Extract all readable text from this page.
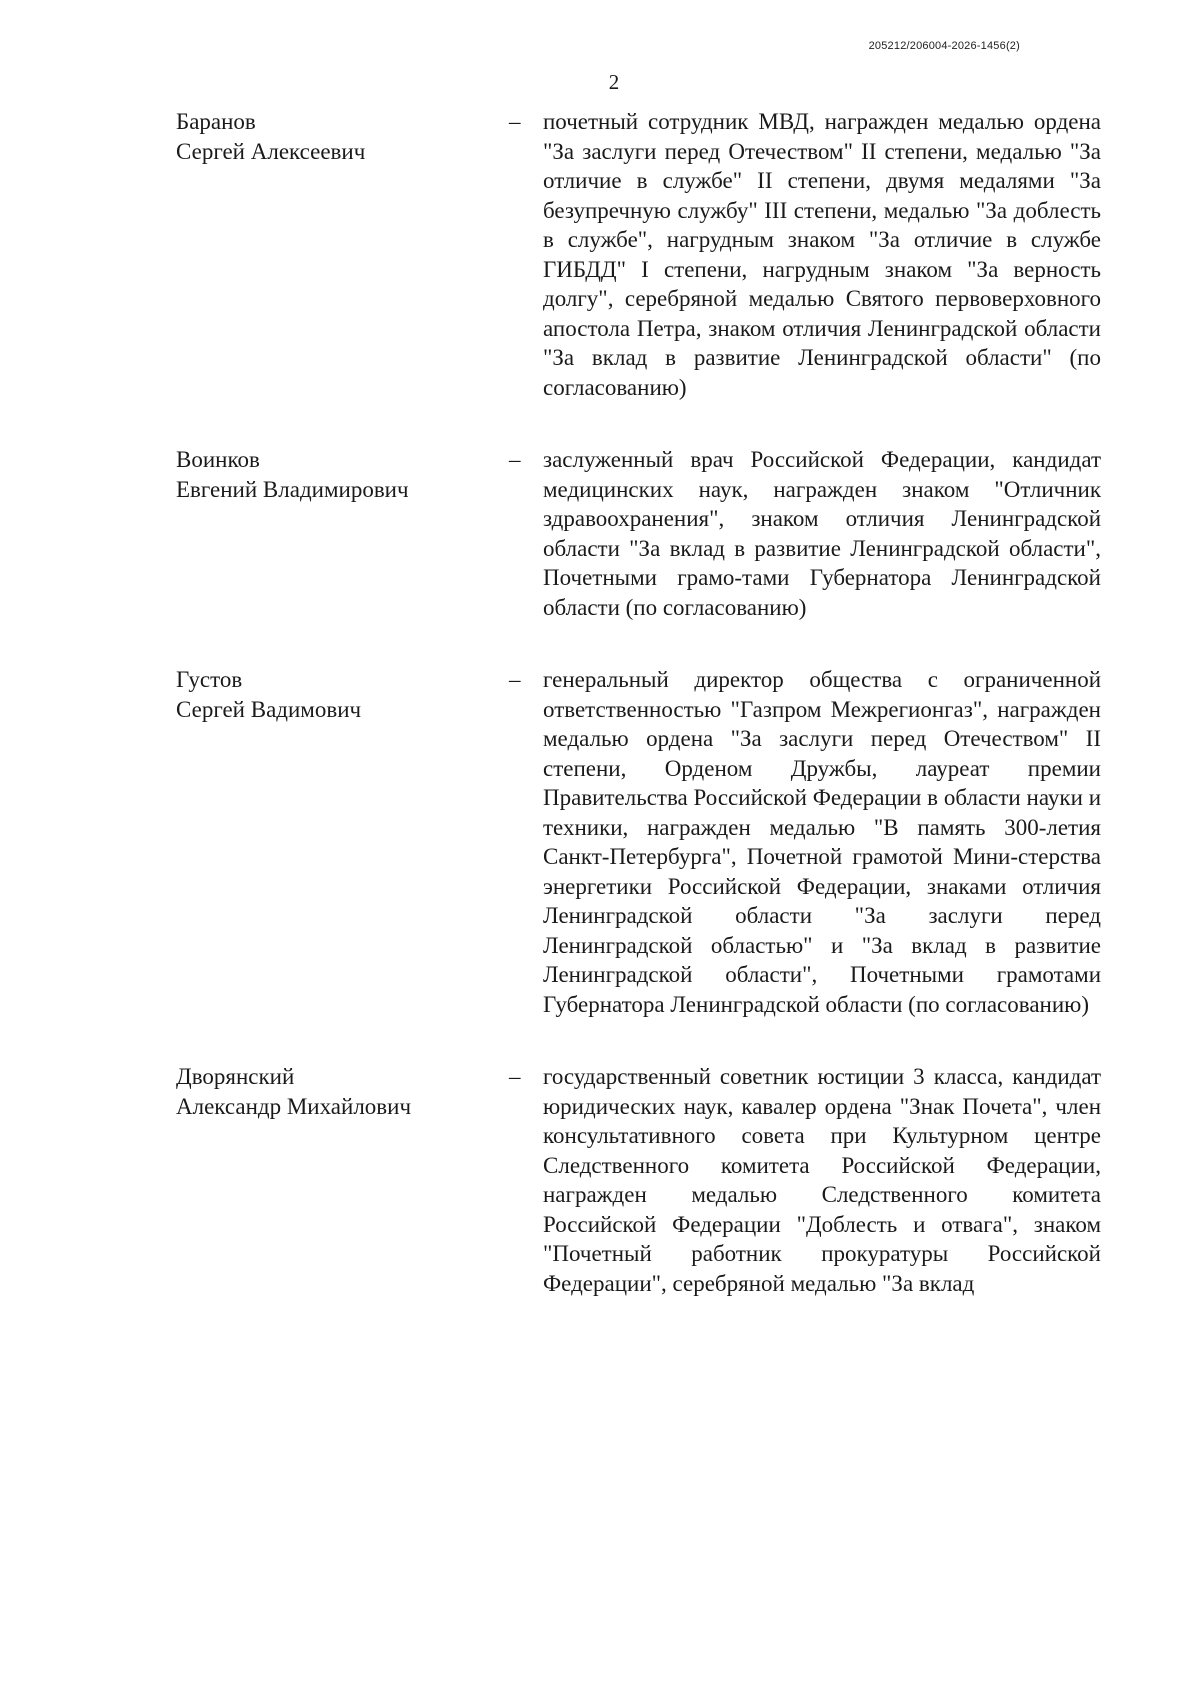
205212/206004-2026-1456(2)
2
Баранов
Сергей Алексеевич
– почетный сотрудник МВД, награжден медалью ордена "За заслуги перед Отечеством" II степени, медалью "За отличие в службе" II степени, двумя медалями "За безупречную службу" III степени, медалью "За доблесть в службе", нагрудным знаком "За отличие в службе ГИБДД" I степени, нагрудным знаком "За верность долгу", серебряной медалью Святого первоверховного апостола Петра, знаком отличия Ленинградской области "За вклад в развитие Ленинградской области" (по согласованию)
Воинков
Евгений Владимирович
– заслуженный врач Российской Федерации, кандидат медицинских наук, награжден знаком "Отличник здравоохранения", знаком отличия Ленинградской области "За вклад в развитие Ленинградской области", Почетными грамо-тами Губернатора Ленинградской области (по согласованию)
Густов
Сергей Вадимович
– генеральный директор общества с ограниченной ответственностью "Газпром Межрегионгаз", награжден медалью ордена "За заслуги перед Отечеством" II степени, Орденом Дружбы, лауреат премии Правительства Российской Федерации в области науки и техники, награжден медалью "В память 300-летия Санкт-Петербурга", Почетной грамотой Мини-стерства энергетики Российской Федерации, знаками отличия Ленинградской области "За заслуги перед Ленинградской областью" и "За вклад в развитие Ленинградской области", Почетными грамотами Губернатора Ленинградской области (по согласованию)
Дворянский
Александр Михайлович
– государственный советник юстиции 3 класса, кандидат юридических наук, кавалер ордена "Знак Почета", член консультативного совета при Культурном центре Следственного комитета Российской Федерации, награжден медалью Следственного комитета Российской Федерации "Доблесть и отвага", знаком "Почетный работник прокуратуры Российской Федерации", серебряной медалью "За вклад
